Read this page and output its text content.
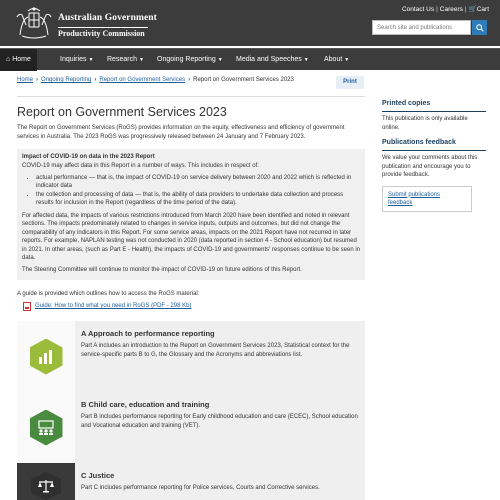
Australian Government
Productivity Commission
Contact Us | Careers | 🛒Cart
Search site and publications
⌂ Home	Inquiries ▼ Research ▼ Ongoing Reporting ▼ Media and Speeches ▼ About ▼
Home › Ongoing Reporting › Report on Government Services › Report on Government Services 2023	Print
Report on Government Services 2023

The Report on Government Services (RoGS) provides information on the equity, effectiveness and efficiency of government services in Australia. The 2023 RoGS was progressively released between 24 January and 7 February 2023.

Impact of COVID-19 on data in the 2023 Report

COVID-19 may affect data in this Report in a number of ways. This includes in respect of:

• actual performance — that is, the impact of COVID-19 on service delivery between 2020 and 2022 which is reflected in indicator data
• the collection and processing of data — that is, the ability of data providers to undertake data collection and process results for inclusion in the Report (regardless of the time period of the data).

For affected data, the impacts of various restrictions introduced from March 2020 have been identified and noted in relevant sections. The impacts predominately related to changes in service inputs, outputs and outcomes, but did not change the comparability of any indicators in this Report. For some service areas, impacts on the 2021 Report have not recurred in later reports. For example, NAPLAN testing was not conducted in 2020 (data reported in section 4 - School education) but resumed in 2021. In other areas, (such as Part E - Health), the impacts of COVID-19 and governments' responses continue to be seen in data.

The Steering Committee will continue to monitor the impact of COVID-19 on future editions of this Report.

A guide is provided which outlines how to access the RoGS material:
Guide: How to find what you need in RoGS (PDF - 298 Kb)
A Approach to performance reporting
Part A includes an introduction to the Report on Government Services 2023, Statistical context for the service-specific parts B to G, the Glossary and the Acronyms and abbreviations list.
B Child care, education and training
Part B includes performance reporting for Early childhood education and care (ECEC), School education and Vocational education and training (VET).
C Justice
Part C includes performance reporting for Police services, Courts and Corrective services.
Printed copies

This publication is only available online.

Publications feedback

We value your comments about this publication and encourage you to provide feedback.

Submit publications feedback
